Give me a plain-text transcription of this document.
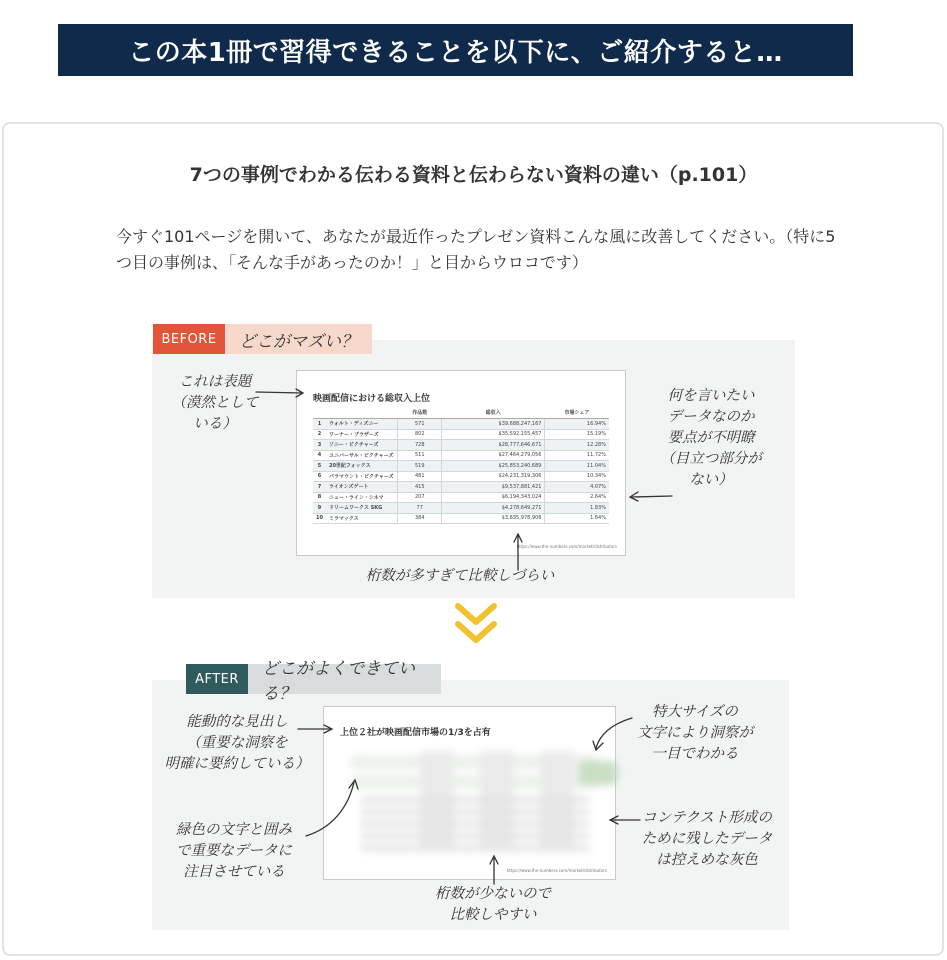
この本1冊で習得できることを以下に、ご紹介すると…
7つの事例でわかる伝わる資料と伝わらない資料の違い（p.101）
今すぐ101ページを開いて、あなたが最近作ったプレゼン資料こんな風に改善してください。（特に5つ目の事例は、「そんな手があったのか！」と目からウロコです）
BEFORE	どこがマズい？
映画配信における総収入上位
		作品数	総収入	市場シェア
1	ウォルト・ディズニー	571	$39,688,247,167	16.94%
2	ワーナー・ブラザーズ	802	$35,592,155,457	15.19%
3	ソニー・ピクチャーズ	728	$28,777,646,671	12.28%
4	ユニバーサル・ピクチャーズ	511	$27,464,279,056	11.72%
5	20世紀フォックス	519	$25,853,240,689	11.04%
6	パラマウント・ピクチャーズ	481	$24,231,319,306	10.34%
7	ライオンズゲート	415	$9,537,881,421	4.07%
8	ニュー・ライン・シネマ	207	$6,194,343,024	2.64%
9	ドリームワークス SKG	77	$4,278,649,271	1.83%
10	ミラマックス	384	$3,835,978,908	1.64%
https://www.the-numbers.com/market/distributors
これは表題
（漠然として
いる）
何を言いたい
データなのか
要点が不明瞭
（目立つ部分が
ない）
桁数が多すぎて比較しづらい
AFTER	どこがよくできてい
上位２社が映画配信市場の1/3を占有
https://www.the-numbers.com/market/distributors
能動的な見出し
（重要な洞察を
明確に要約している）
緑色の文字と囲み
で重要なデータに
注目させている
特大サイズの
文字により洞察が
一目でわかる
コンテクスト形成の
ために残したデータ
は控えめな灰色
桁数が少ないので
比較しやすい
